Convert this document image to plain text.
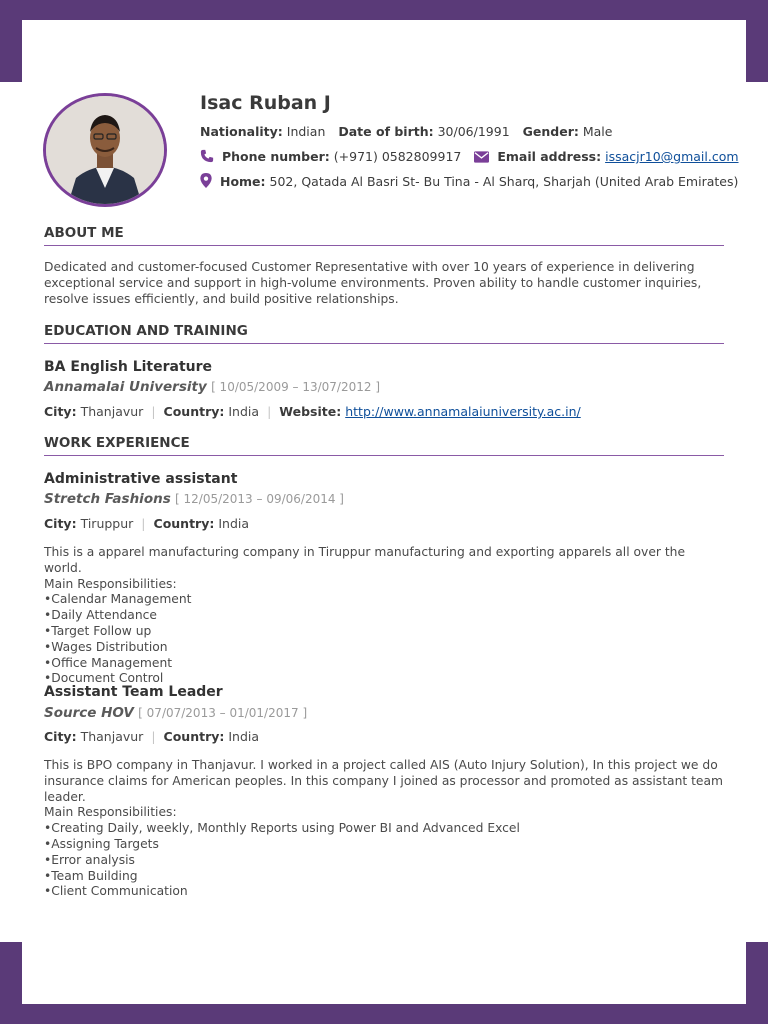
Isac Ruban J
Nationality: Indian Date of birth: 30/06/1991 Gender: Male
Phone number: (+971) 0582809917	Email address: issacjr10@gmail.com
Home: 502, Qatada Al Basri St- Bu Tina - Al Sharq, Sharjah (United Arab Emirates)
ABOUT ME
Dedicated and customer-focused Customer Representative with over 10 years of experience in delivering exceptional service and support in high-volume environments. Proven ability to handle customer inquiries, resolve issues efficiently, and build positive relationships.
EDUCATION AND TRAINING
BA English Literature
Annamalai University [ 10/05/2009 – 13/07/2012 ]
City: Thanjavur | Country: India | Website: http://www.annamalaiuniversity.ac.in/
WORK EXPERIENCE
Administrative assistant
Stretch Fashions [ 12/05/2013 – 09/06/2014 ]
City: Tiruppur | Country: India
This is a apparel manufacturing company in Tiruppur manufacturing and exporting apparels all over the world.
Main Responsibilities:
• Calendar Management
• Daily Attendance
• Target Follow up
• Wages Distribution
• Office Management
• Document Control
Assistant Team Leader
Source HOV [ 07/07/2013 – 01/01/2017 ]
City: Thanjavur | Country: India
This is BPO company in Thanjavur. I worked in a project called AIS (Auto Injury Solution), In this project we do insurance claims for American peoples. In this company I joined as processor and promoted as assistant team leader.
Main Responsibilities:
• Creating Daily, weekly, Monthly Reports using Power BI and Advanced Excel
• Assigning Targets
• Error analysis
• Team Building
• Client Communication
